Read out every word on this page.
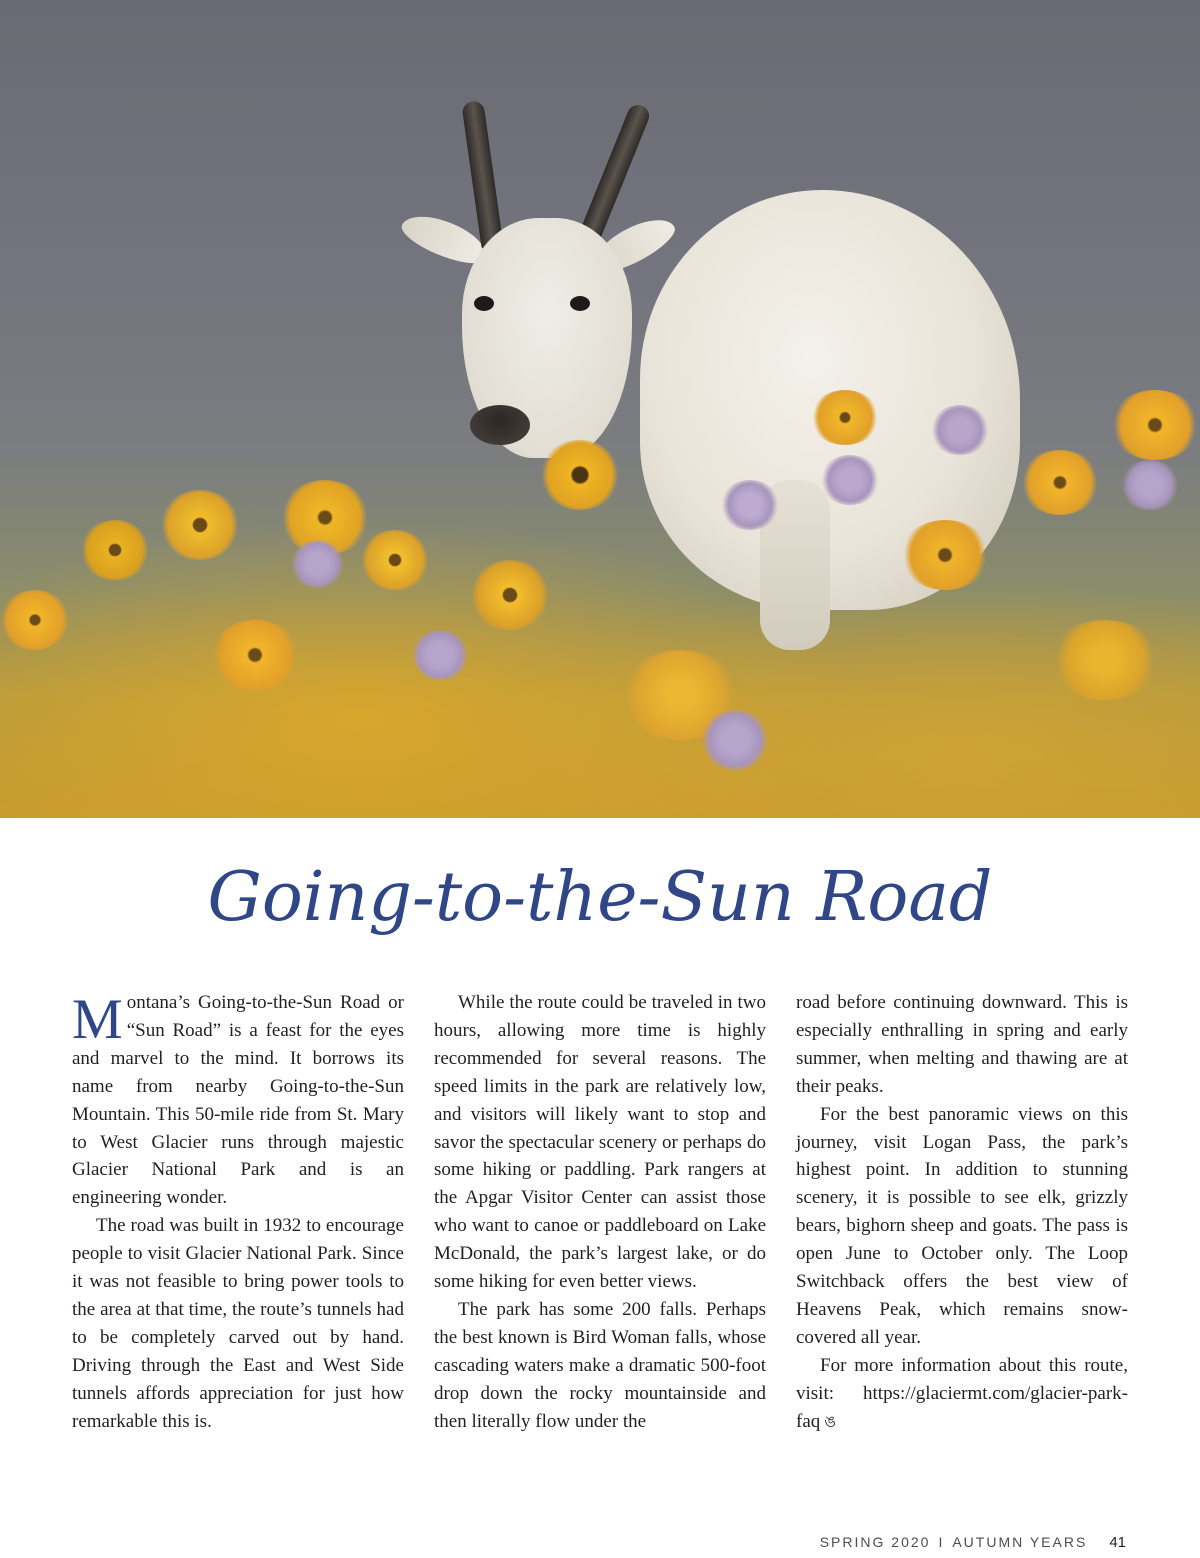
Going-to-the-Sun Road

Montana’s Going-to-the-Sun Road or “Sun Road” is a feast for the eyes and marvel to the mind. It borrows its name from nearby Going-to-the-Sun Mountain. This 50-mile ride from St. Mary to West Glacier runs through majestic Glacier National Park and is an engineering wonder.

The road was built in 1932 to encourage people to visit Glacier National Park. Since it was not feasible to bring power tools to the area at that time, the route’s tunnels had to be completely carved out by hand. Driving through the East and West Side tunnels affords appreciation for just how remarkable this is.

While the route could be traveled in two hours, allowing more time is highly recommended for several reasons. The speed limits in the park are relatively low, and visitors will likely want to stop and savor the spectacular scenery or perhaps do some hiking or paddling. Park rangers at the Apgar Visitor Center can assist those who want to canoe or paddleboard on Lake McDonald, the park’s largest lake, or do some hiking for even better views.

The park has some 200 falls. Perhaps the best known is Bird Woman falls, whose cascading waters make a dramatic 500-foot drop down the rocky mountainside and then literally flow under the

road before continuing downward. This is especially enthralling in spring and early summer, when melting and thawing are at their peaks.

For the best panoramic views on this journey, visit Logan Pass, the park’s highest point. In addition to stunning scenery, it is possible to see elk, grizzly bears, bighorn sheep and goats. The pass is open June to October only. The Loop Switchback offers the best view of Heavens Peak, which remains snow-covered all year.

For more information about this route, visit: https://glaciermt.com/glacier-park-faq ঙ

SPRING 2020 I AUTUMN YEARS 41
